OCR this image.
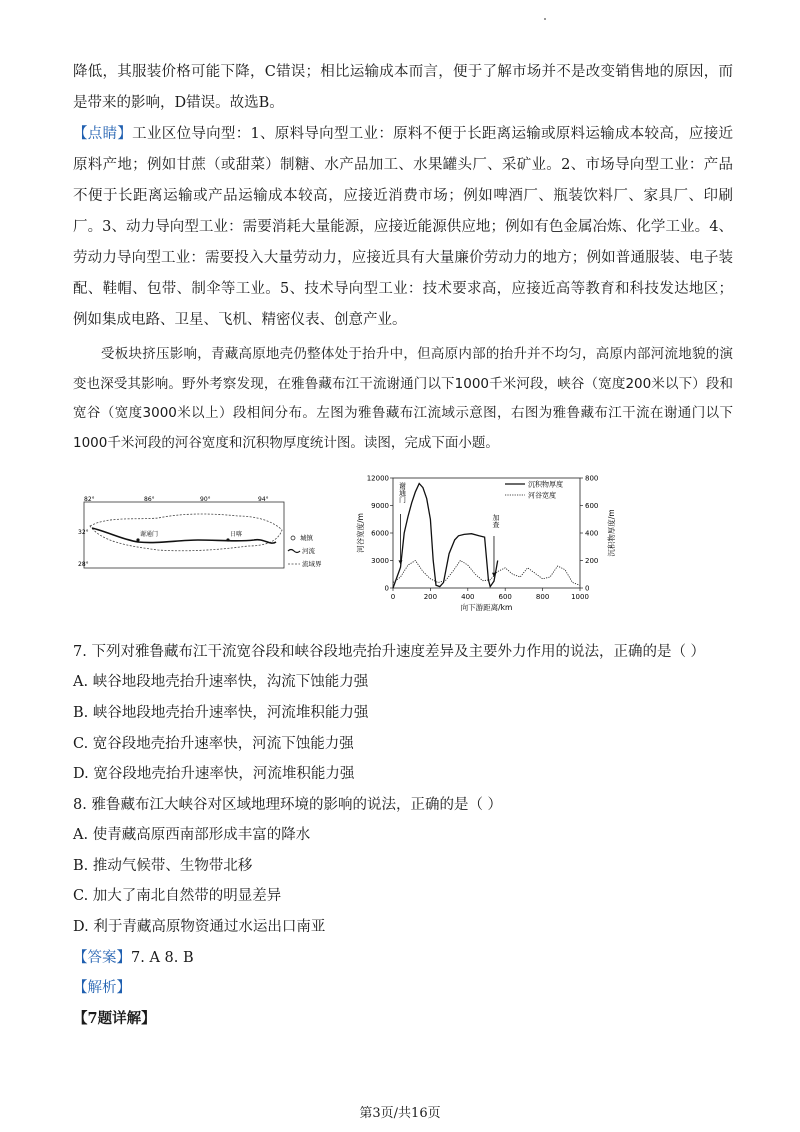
降低，其服装价格可能下降，C错误；相比运输成本而言，便于了解市场并不是改变销售地的原因，而是带来的影响，D错误。故选B。
【点睛】工业区位导向型：1、原料导向型工业：原料不便于长距离运输或原料运输成本较高，应接近原料产地；例如甘蔗（或甜菜）制糖、水产品加工、水果罐头厂、采矿业。2、市场导向型工业：产品不便于长距离运输或产品运输成本较高，应接近消费市场；例如啤酒厂、瓶装饮料厂、家具厂、印刷厂。3、动力导向型工业：需要消耗大量能源，应接近能源供应地；例如有色金属冶炼、化学工业。4、劳动力导向型工业：需要投入大量劳动力，应接近具有大量廉价劳动力的地方；例如普通服装、电子装配、鞋帽、包带、制伞等工业。5、技术导向型工业：技术要求高，应接近高等教育和科技发达地区；例如集成电路、卫星、飞机、精密仪表、创意产业。
受板块挤压影响，青藏高原地壳仍整体处于抬升中，但高原内部的抬升并不均匀，高原内部河流地貌的演变也深受其影响。野外考察发现，在雅鲁藏布江干流谢通门以下1000千米河段，峡谷（宽度200米以下）段和宽谷（宽度3000米以上）段相间分布。左图为雅鲁藏布江流域示意图，右图为雅鲁藏布江干流在谢通门以下1000千米河段的河谷宽度和沉积物厚度统计图。读图，完成下面小题。
82°	86°	90°	94°
32°
28°
谢通门	日喀	城镇
河流
流域界
0	200	400	600	800	1000
0
3000
6000
9000
12000
0
200
400
600
800
向下游距离/km
河谷宽度/m	沉积物厚度/m
沉积物厚度
河谷宽度
谢通门
加查
7. 下列对雅鲁藏布江干流宽谷段和峡谷段地壳抬升速度差异及主要外力作用的说法，正确的是（ ）
A. 峡谷地段地壳抬升速率快，沟流下蚀能力强
B. 峡谷地段地壳抬升速率快，河流堆积能力强
C. 宽谷段地壳抬升速率快，河流下蚀能力强
D. 宽谷段地壳抬升速率快，河流堆积能力强
8. 雅鲁藏布江大峡谷对区域地理环境的影响的说法，正确的是（ ）
A. 使青藏高原西南部形成丰富的降水
B. 推动气候带、生物带北移
C. 加大了南北自然带的明显差异
D. 利于青藏高原物资通过水运出口南亚
【答案】7. A 8. B
【解析】
【7题详解】
第3页/共16页
